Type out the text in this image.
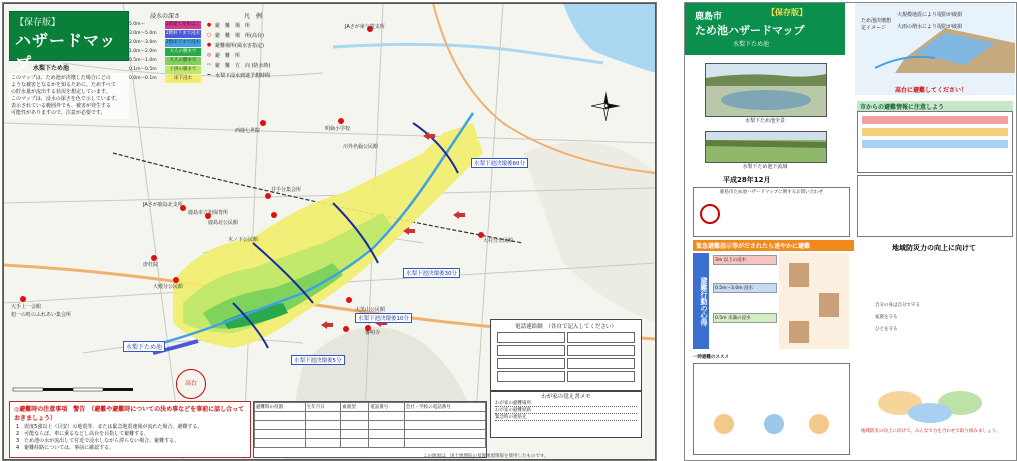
【保存版】
ハザードマップ 水梨下ため池
このマップは、ため池が決壊した場合にどの
ような被害となるかを知るために、ためすべて
の貯水量が流出する状況を想定しています。
このマップは、浸水の深さを色で示しています。
表示されている範囲外でも、被害が発生する
可能性がありますので、注意が必要です。
浸水の深さ
5.0m〜	2階建て屋根以上
3.0m〜5.0m	2階軒下まで浸水
2.0m〜3.0m	2階床下まで浸水
1.0m〜2.0m	大人の腰まで
0.5m〜1.0m	大人の膝まで
0.1m〜0.5m	子供の膝まで
0.0m〜0.1m	床下浸水
凡　例
● 避　難　場　所
○ 避　難　場　所(高台)
● 避難場所(風水害指定)
◎ 避　難　所
⇨ 避　難　方　向 (防水時)
━ 水梨下浸水到達予想時間
JAさが東与賀支所
西鹿七世院	明倫小学校
川外名倫公民館
井手分集会所
JAさが鹿島北支所
鹿島市立旭保育所
鹿島北公民館
大殿分公民館
大村分公民館
大手上一会館
旭一の町のふれあい集会所
大黒山公民館
審明寺
唐杜院
木ノ下公民館
水梨下池決壊後60分
水梨下池決壊後30分
水梨下池決壊後10分
水梨下池決壊後5分
水梨下ため池
高台
電話連絡網　（各自で記入してください）
わが家の覚え書メモ
わが家の避難場所
わが家の避難経路
緊急時の連絡先
◎避難時の注意事項　警告　（避難や避難時についての決め事などを事前に話し合っておきましょう）
1　震度5強以上（目安）の地震等、または緊急地震速報が流れた場合、避難する。
2　可能ならば、車に乗るなどし高台を目指して避難する。
3　ため池の水が流出して付近で浸水しながら滞らない場合、避難する。
4　避難経路については、事前に確認する。
避難時の役割	生年月日	血液型	電話番号	会社・学校の電話番号

この地図は、国土地理院の基盤地図情報を使用したものです。
鹿島市	【保存版】
ため池ハザードマップ
水梨下ため池
水梨下ため池全景
水梨下ため池下流域
ため池決壊想定イメージ
大規模地震により堤防が破損
大雨の増水により堤防が破損
高台に避難してください！
市からの避難情報に注意しよう
平成28年12月
鹿島市ため池ハザードマップに関するお問い合わせ
緊急避難指示等がだされたら速やかに避難
避難行動の心得
3m 以上の浸水
0.5m〜3.0m 浸水
0.5m 未満の浸水
一時避難のススメ
地域防災力の向上に向けて
自分の身は自分で守る
家族を守る
ひとを守る
地域防災の向上に向けて、みんなで力を合わせて取り組みましょう。
